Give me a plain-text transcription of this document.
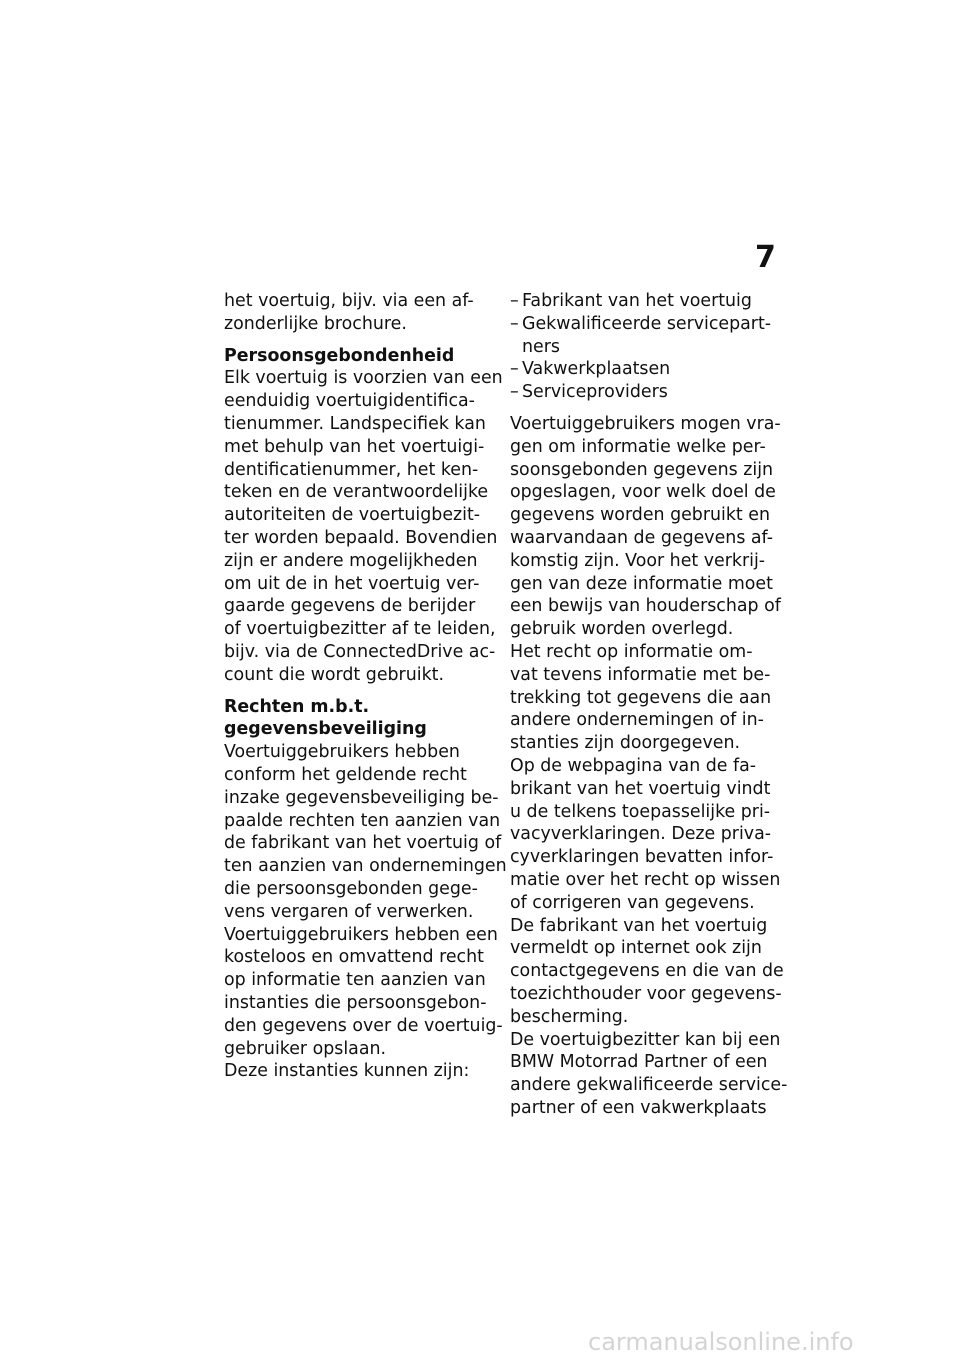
7
het voertuig, bijv. via een af-
zonderlijke brochure.
Persoonsgebondenheid
Elk voertuig is voorzien van een
eenduidig voertuigidentifica-
tienummer. Landspecifiek kan
met behulp van het voertuigi-
dentificatienummer, het ken-
teken en de verantwoordelijke
autoriteiten de voertuigbezit-
ter worden bepaald. Bovendien
zijn er andere mogelijkheden
om uit de in het voertuig ver-
gaarde gegevens de berijder
of voertuigbezitter af te leiden,
bijv. via de ConnectedDrive ac-
count die wordt gebruikt.
Rechten m.b.t.
gegevensbeveiliging
Voertuiggebruikers hebben
conform het geldende recht
inzake gegevensbeveiliging be-
paalde rechten ten aanzien van
de fabrikant van het voertuig of
ten aanzien van ondernemingen
die persoonsgebonden gege-
vens vergaren of verwerken.
Voertuiggebruikers hebben een
kosteloos en omvattend recht
op informatie ten aanzien van
instanties die persoonsgebon-
den gegevens over de voertuig-
gebruiker opslaan.
Deze instanties kunnen zijn:
– Fabrikant van het voertuig
– Gekwalificeerde servicepart-
ners
– Vakwerkplaatsen
– Serviceproviders
Voertuiggebruikers mogen vra-
gen om informatie welke per-
soonsgebonden gegevens zijn
opgeslagen, voor welk doel de
gegevens worden gebruikt en
waarvandaan de gegevens af-
komstig zijn. Voor het verkrij-
gen van deze informatie moet
een bewijs van houderschap of
gebruik worden overlegd.
Het recht op informatie om-
vat tevens informatie met be-
trekking tot gegevens die aan
andere ondernemingen of in-
stanties zijn doorgegeven.
Op de webpagina van de fa-
brikant van het voertuig vindt
u de telkens toepasselijke pri-
vacyverklaringen. Deze priva-
cyverklaringen bevatten infor-
matie over het recht op wissen
of corrigeren van gegevens.
De fabrikant van het voertuig
vermeldt op internet ook zijn
contactgegevens en die van de
toezichthouder voor gegevens-
bescherming.
De voertuigbezitter kan bij een
BMW Motorrad Partner of een
andere gekwalificeerde service-
partner of een vakwerkplaats
carmanualsonline.info
